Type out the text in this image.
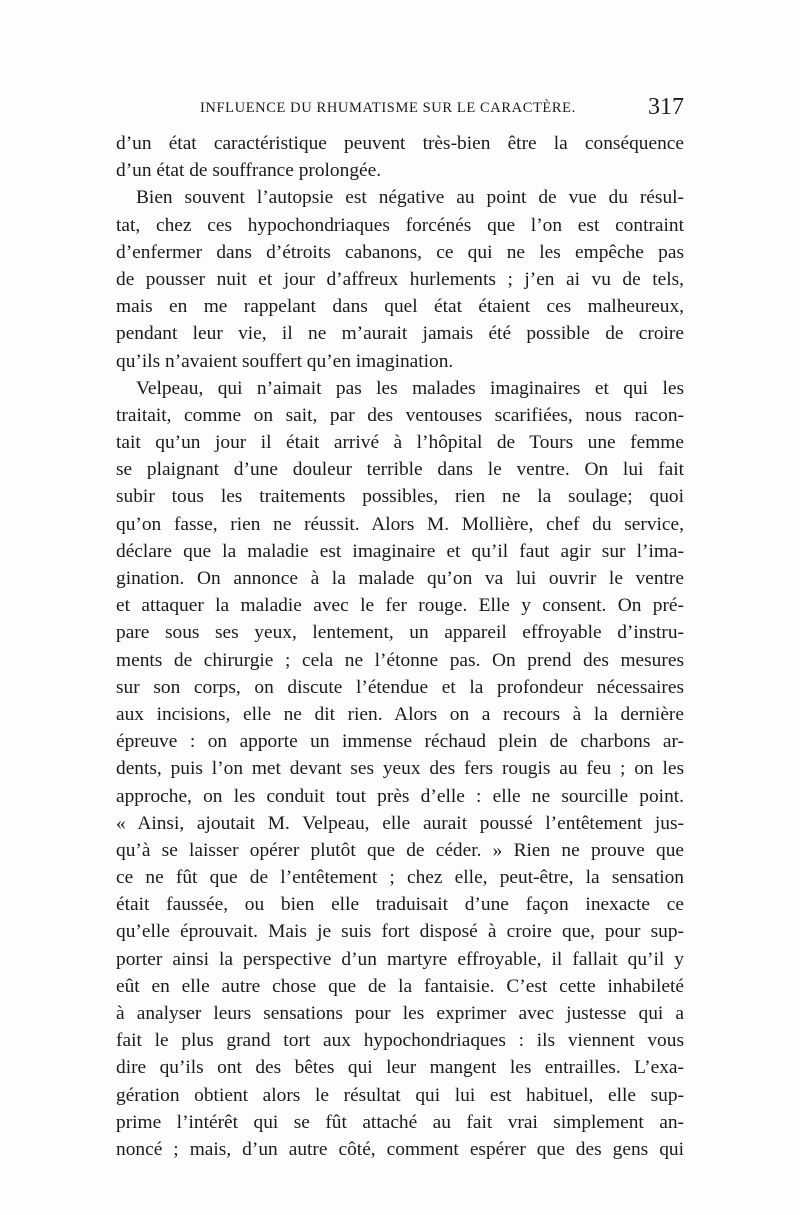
INFLUENCE DU RHUMATISME SUR LE CARACTÈRE.	317
d’un état caractéristique peuvent très-bien être la conséquence
d’un état de souffrance prolongée.
Bien souvent l’autopsie est négative au point de vue du résul-
tat, chez ces hypochondriaques forcénés que l’on est contraint
d’enfermer dans d’étroits cabanons, ce qui ne les empêche pas
de pousser nuit et jour d’affreux hurlements ; j’en ai vu de tels,
mais en me rappelant dans quel état étaient ces malheureux,
pendant leur vie, il ne m’aurait jamais été possible de croire
qu’ils n’avaient souffert qu’en imagination.
Velpeau, qui n’aimait pas les malades imaginaires et qui les
traitait, comme on sait, par des ventouses scarifiées, nous racon-
tait qu’un jour il était arrivé à l’hôpital de Tours une femme
se plaignant d’une douleur terrible dans le ventre. On lui fait
subir tous les traitements possibles, rien ne la soulage; quoi
qu’on fasse, rien ne réussit. Alors M. Mollière, chef du service,
déclare que la maladie est imaginaire et qu’il faut agir sur l’ima-
gination. On annonce à la malade qu’on va lui ouvrir le ventre
et attaquer la maladie avec le fer rouge. Elle y consent. On pré-
pare sous ses yeux, lentement, un appareil effroyable d’instru-
ments de chirurgie ; cela ne l’étonne pas. On prend des mesures
sur son corps, on discute l’étendue et la profondeur nécessaires
aux incisions, elle ne dit rien. Alors on a recours à la dernière
épreuve : on apporte un immense réchaud plein de charbons ar-
dents, puis l’on met devant ses yeux des fers rougis au feu ; on les
approche, on les conduit tout près d’elle : elle ne sourcille point.
« Ainsi, ajoutait M. Velpeau, elle aurait poussé l’entêtement jus-
qu’à se laisser opérer plutôt que de céder. » Rien ne prouve que
ce ne fût que de l’entêtement ; chez elle, peut-être, la sensation
était faussée, ou bien elle traduisait d’une façon inexacte ce
qu’elle éprouvait. Mais je suis fort disposé à croire que, pour sup-
porter ainsi la perspective d’un martyre effroyable, il fallait qu’il y
eût en elle autre chose que de la fantaisie. C’est cette inhabileté
à analyser leurs sensations pour les exprimer avec justesse qui a
fait le plus grand tort aux hypochondriaques : ils viennent vous
dire qu’ils ont des bêtes qui leur mangent les entrailles. L’exa-
gération obtient alors le résultat qui lui est habituel, elle sup-
prime l’intérêt qui se fût attaché au fait vrai simplement an-
noncé ; mais, d’un autre côté, comment espérer que des gens qui
